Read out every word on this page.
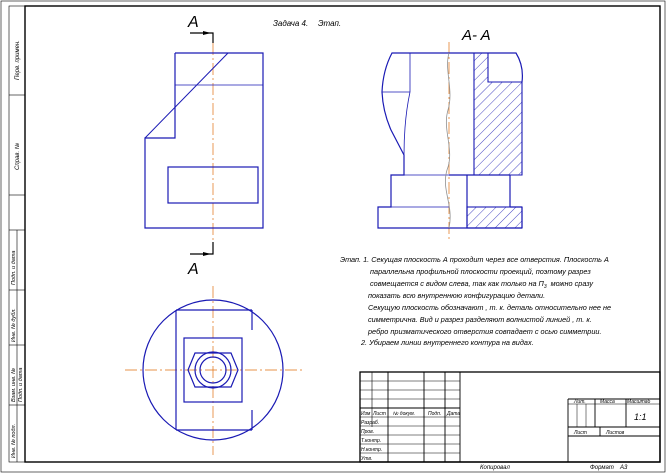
Перв. примен.
Справ. №
Подп. и дата
Инв. № дубл.
Взам. инв. № Подп. и дата
Инв. № подл.
Задача 4. Этап.
A
A
A- A
Этап. 1. Секущая плоскость А проходит через все отверстия. Плоскость А
параллельна профильной плоскости проекций, поэтому разрез
совмещается с видом слева, так как только на $П_3$ можно сразу
показать всю внутреннюю конфигурацию детали.
Секущую плоскость обозначают , т. к. деталь относительно нее не
симметрична. Вид и разрез разделяют волнистой линией , т. к.
ребро призматического отверстия совпадает с осью симметрии.
2. Убираем линии внутреннего контура на видах.
Изм Лист № докум.	Подп. Дата
Разраб.
Пров.
Т.контр.
Н.контр.
Утв.
Лит.	Масса Масштаб
1:1
Лист	Листов
Копировал	Формат A3
